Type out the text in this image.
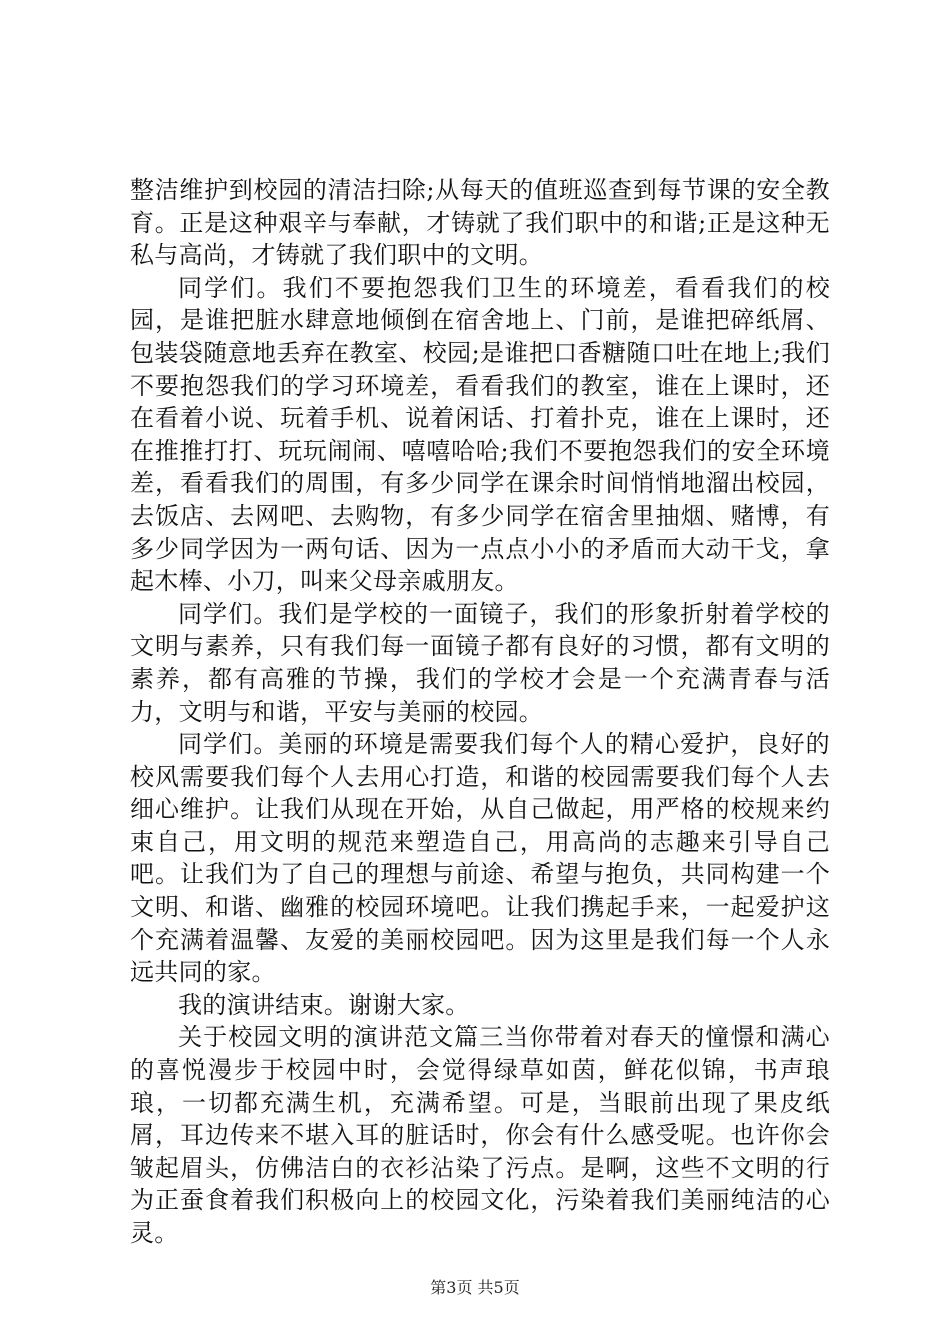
整洁维护到校园的清洁扫除;从每天的值班巡查到每节课的安全教育。正是这种艰辛与奉献，才铸就了我们职中的和谐;正是这种无私与高尚，才铸就了我们职中的文明。

同学们。我们不要抱怨我们卫生的环境差，看看我们的校园，是谁把脏水肆意地倾倒在宿舍地上、门前，是谁把碎纸屑、包装袋随意地丢弃在教室、校园;是谁把口香糖随口吐在地上;我们不要抱怨我们的学习环境差，看看我们的教室，谁在上课时，还在看着小说、玩着手机、说着闲话、打着扑克，谁在上课时，还在推推打打、玩玩闹闹、嘻嘻哈哈;我们不要抱怨我们的安全环境差，看看我们的周围，有多少同学在课余时间悄悄地溜出校园，去饭店、去网吧、去购物，有多少同学在宿舍里抽烟、赌博，有多少同学因为一两句话、因为一点点小小的矛盾而大动干戈，拿起木棒、小刀，叫来父母亲戚朋友。

同学们。我们是学校的一面镜子，我们的形象折射着学校的文明与素养，只有我们每一面镜子都有良好的习惯，都有文明的素养，都有高雅的节操，我们的学校才会是一个充满青春与活力，文明与和谐，平安与美丽的校园。

同学们。美丽的环境是需要我们每个人的精心爱护，良好的校风需要我们每个人去用心打造，和谐的校园需要我们每个人去细心维护。让我们从现在开始，从自己做起，用严格的校规来约束自己，用文明的规范来塑造自己，用高尚的志趣来引导自己吧。让我们为了自己的理想与前途、希望与抱负，共同构建一个文明、和谐、幽雅的校园环境吧。让我们携起手来，一起爱护这个充满着温馨、友爱的美丽校园吧。因为这里是我们每一个人永远共同的家。

我的演讲结束。谢谢大家。

关于校园文明的演讲范文篇三当你带着对春天的憧憬和满心的喜悦漫步于校园中时，会觉得绿草如茵，鲜花似锦，书声琅琅，一切都充满生机，充满希望。可是，当眼前出现了果皮纸屑，耳边传来不堪入耳的脏话时，你会有什么感受呢。也许你会皱起眉头，仿佛洁白的衣衫沾染了污点。是啊，这些不文明的行为正蚕食着我们积极向上的校园文化，污染着我们美丽纯洁的心灵。

第3页 共5页
